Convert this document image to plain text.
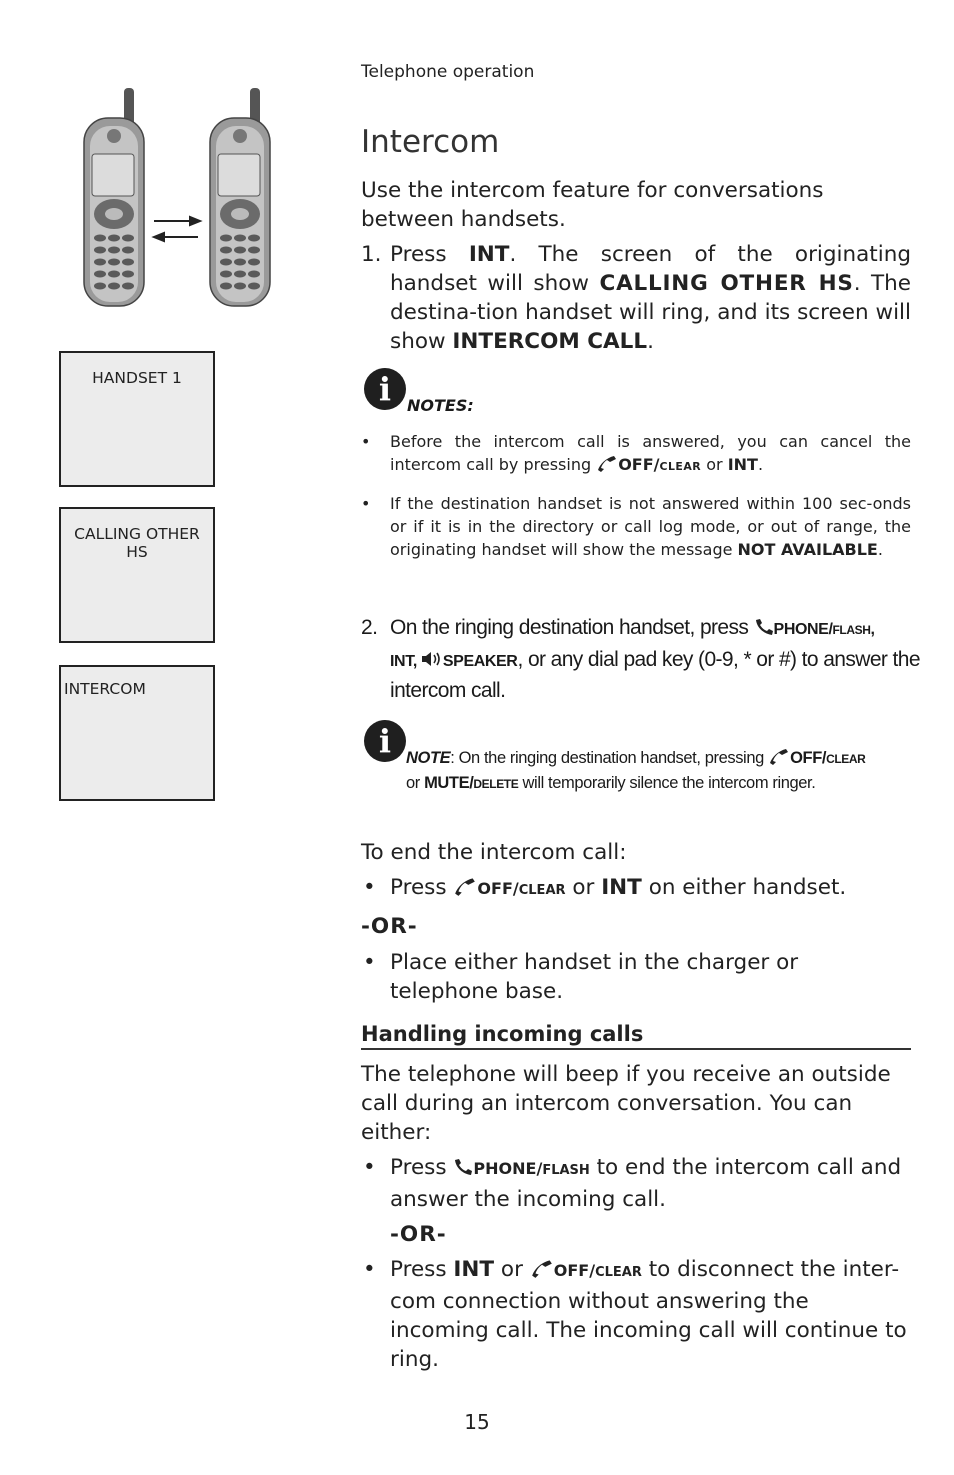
Telephone operation
HANDSET 1
CALLING OTHER HS
INTERCOM
Intercom
Use the intercom feature for conversations between handsets.
1. Press INT. The screen of the originating handset will show CALLING OTHER HS. The destina-tion handset will ring, and its screen will show INTERCOM CALL.
i NOTES:
• Before the intercom call is answered, you can cancel the intercom call by pressing OFF/CLEAR or INT.
• If the destination handset is not answered within 100 sec-onds or if it is in the directory or call log mode, or out of range, the originating handset will show the message NOT AVAILABLE.
2. On the ringing destination handset, press PHONE/FLASH,
INT, SPEAKER, or any dial pad key (0-9, * or #) to answer the intercom call.
i NOTE: On the ringing destination handset, pressing OFF/CLEAR
or MUTE/DELETE will temporarily silence the intercom ringer.
To end the intercom call:
• Press OFF/CLEAR or INT on either handset.
-OR-
• Place either handset in the charger or telephone base.
Handling incoming calls
The telephone will beep if you receive an outside call during an intercom conversation. You can either:
• Press PHONE/FLASH to end the intercom call and answer the incoming call.
-OR-
• Press INT or OFF/CLEAR to disconnect the inter-com connection without answering the incoming call. The incoming call will continue to ring.
15
